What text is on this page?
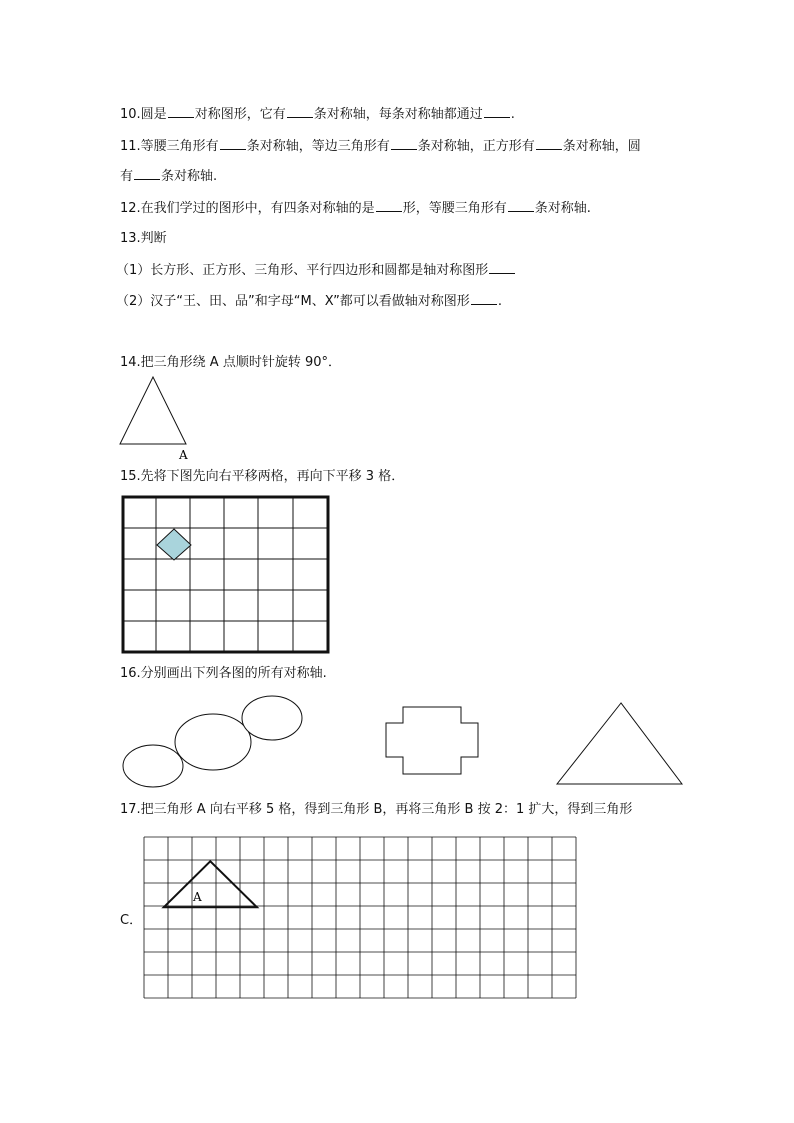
10.圆是 对称图形，它有 条对称轴，每条对称轴都通过 .
11.等腰三角形有 条对称轴，等边三角形有 条对称轴，正方形有 条对称轴，圆
有 条对称轴.
12.在我们学过的图形中，有四条对称轴的是 形，等腰三角形有 条对称轴.
13.判断
（1）长方形、正方形、三角形、平行四边形和圆都是轴对称图形
（2）汉子“王、田、品”和字母“M、X”都可以看做轴对称图形 .
14.把三角形绕 A 点顺时针旋转 90°．
A
15.先将下图先向右平移两格，再向下平移 3 格．
16.分别画出下列各图的所有对称轴.
17.把三角形 A 向右平移 5 格，得到三角形 B，再将三角形 B 按 2：1 扩大，得到三角形
C．
A
